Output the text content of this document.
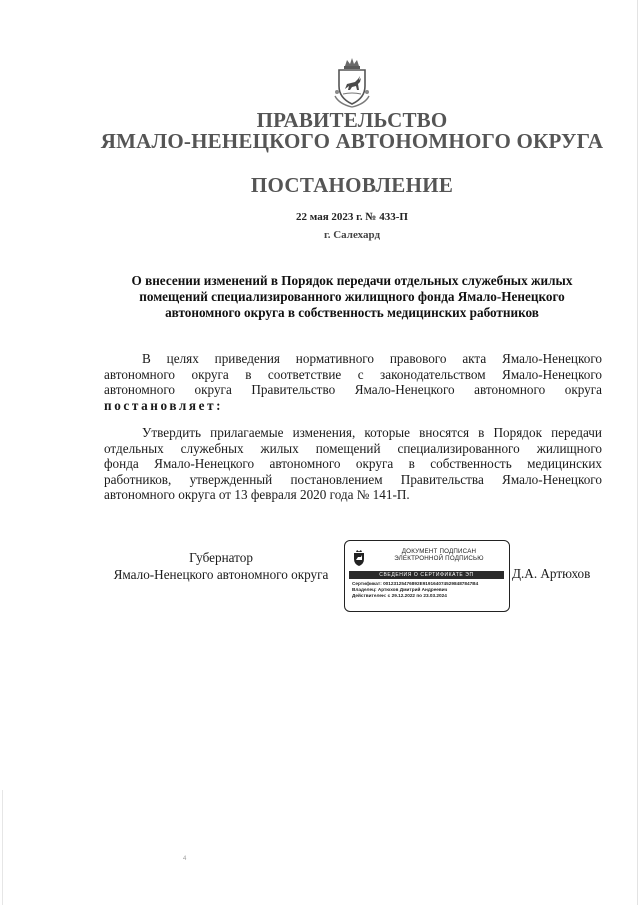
ПРАВИТЕЛЬСТВО
ЯМАЛО-НЕНЕЦКОГО АВТОНОМНОГО ОКРУГА
ПОСТАНОВЛЕНИЕ
22 мая 2023 г. № 433-П
г. Салехард
О внесении изменений в Порядок передачи отдельных служебных жилых
помещений специализированного жилищного фонда Ямало-Ненецкого
автономного округа в собственность медицинских работников
В целях приведения нормативного правового акта Ямало-Ненецкого
автономного округа в соответствие с законодательством Ямало-Ненецкого
автономного округа Правительство Ямало-Ненецкого автономного округа
постановляет:
Утвердить прилагаемые изменения, которые вносятся в Порядок передачи
отдельных служебных жилых помещений специализированного жилищного
фонда Ямало-Ненецкого автономного округа в собственность медицинских
работников, утвержденный постановлением Правительства Ямало-Ненецкого
автономного округа от 13 февраля 2020 года № 141-П.
Губернатор
Ямало-Ненецкого автономного округа
ДОКУМЕНТ ПОДПИСАН
ЭЛЕКТРОННОЙ ПОДПИСЬЮ
СВЕДЕНИЯ О СЕРТИФИКАТЕ ЭП
Сертификат: 00123125476892E9191640745298487847B4
Владелец: Артюхов Дмитрий Андреевич
Действителен: с 29.12.2022 по 23.03.2024
Д.А. Артюхов
4
